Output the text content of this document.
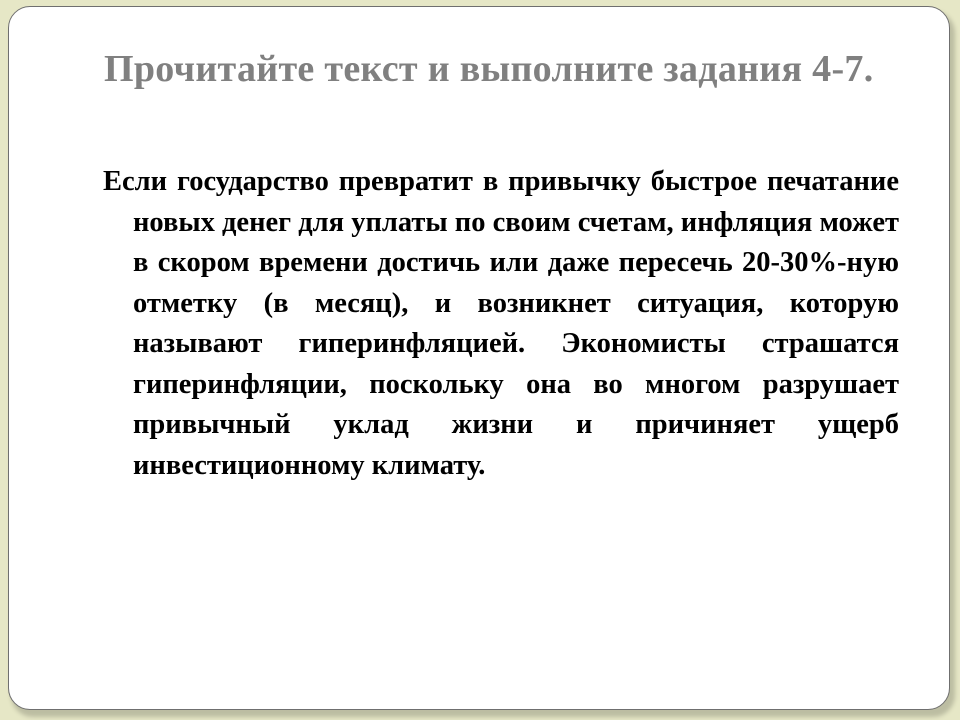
Прочитайте текст и выполните задания 4-7.

Если государство превратит в привычку быстрое печатание новых денег для уплаты по своим счетам, инфляция может в скором времени достичь или даже пересечь 20-30%-ную отметку (в месяц), и возникнет ситуация, которую называют гиперинфляцией. Экономисты страшатся гиперинфляции, поскольку она во многом разрушает привычный уклад жизни и причиняет ущерб инвестиционному климату.
